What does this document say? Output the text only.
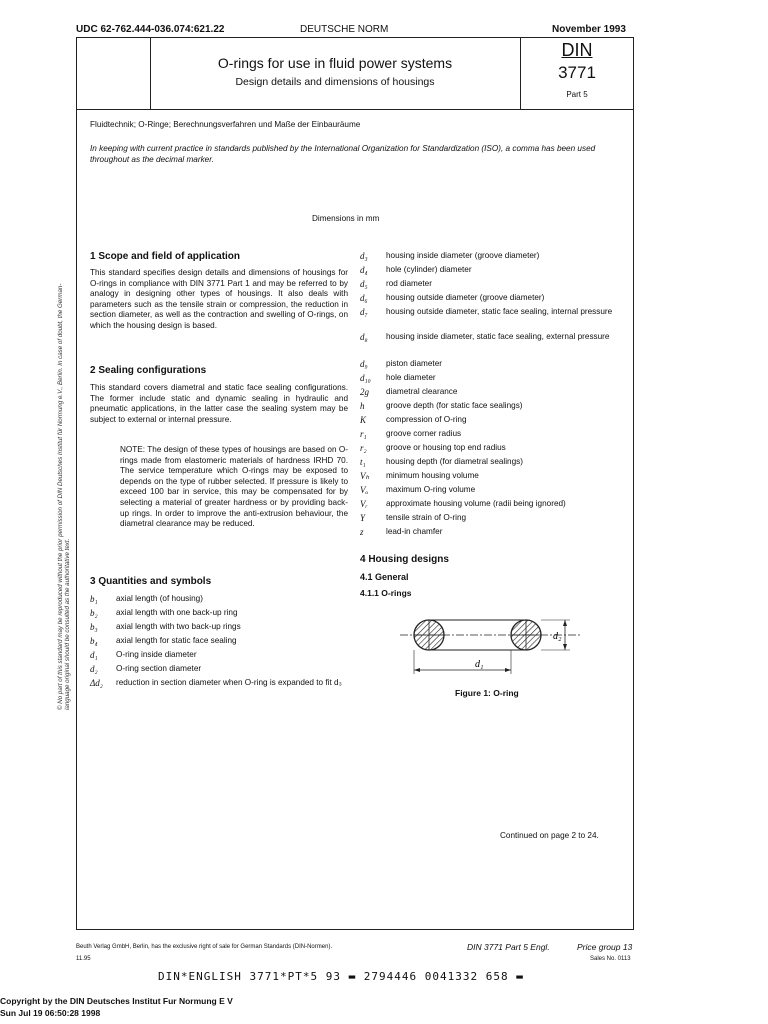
UDC 62-762.444-036.074:621.22	DEUTSCHE NORM	November 1993
O-rings for use in fluid power systems
Design details and dimensions of housings
DIN
3771
Part 5
Fluidtechnik; O-Ringe; Berechnungsverfahren und Maße der Einbauräume
In keeping with current practice in standards published by the International Organization for Standardization (ISO), a comma has been used throughout as the decimal marker.
Dimensions in mm
1 Scope and field of application
This standard specifies design details and dimensions of housings for O-rings in compliance with DIN 3771 Part 1 and may be referred to by analogy in designing other types of housings. It also deals with parameters such as the tensile strain or compression, the reduction in section diameter, as well as the contraction and swelling of O-rings, on which the housing design is based.
2 Sealing configurations
This standard covers diametral and static face sealing configurations. The former include static and dynamic sealing in hydraulic and pneumatic applications, in the latter case the sealing system may be subject to external or internal pressure.
NOTE: The design of these types of housings are based on O-rings made from elastomeric materials of hardness IRHD 70. The service temperature which O-rings may be exposed to depends on the type of rubber selected. If pressure is likely to exceed 100 bar in service, this may be compensated for by selecting a material of greater hardness or by providing back-up rings. In order to improve the anti-extrusion behaviour, the diametral clearance may be reduced.
3 Quantities and symbols
b₁ axial length (of housing)
b₂ axial length with one back-up ring
b₃ axial length with two back-up rings
b₄ axial length for static face sealing
d₁ O-ring inside diameter
d₂ O-ring section diameter
Δd₂ reduction in section diameter when O-ring is expanded to fit d₃
d₃ housing inside diameter (groove diameter)
d₄ hole (cylinder) diameter
d₅ rod diameter
d₆ housing outside diameter (groove diameter)
d₇ housing outside diameter, static face sealing, internal pressure
d₈ housing inside diameter, static face sealing, external pressure
d₉ piston diameter
d₁₀ hole diameter
2g diametral clearance
h	groove depth (for static face sealings)
K compression of O-ring
r₁ groove corner radius
r₂ groove or housing top end radius
t₁ housing depth (for diametral sealings)
Vₕ minimum housing volume
Vₒ maximum O-ring volume
Vᵣ approximate housing volume (radii being ignored)
Y	tensile strain of O-ring
z	lead-in chamfer
4 Housing designs
4.1 General
4.1.1 O-rings
d₂
d₁
Figure 1: O-ring
Continued on page 2 to 24.
© No part of this standard may be reproduced without the prior permission of DIN Deutsches Institut für Normung e.V., Berlin. In case of doubt, the German-language original should be consulted as the authoritative text.
Beuth Verlag GmbH, Berlin, has the exclusive right of sale for German Standards (DIN-Normen).	DIN 3771 Part 5 Engl.	Price group 13
11.95	Sales No. 0113
DIN*ENGLISH 3771*PT*5 93 ▬ 2794446 0041332 658 ▬
Copyright by the DIN Deutsches Institut Fur Normung E V
Sun Jul 19 06:50:28 1998
